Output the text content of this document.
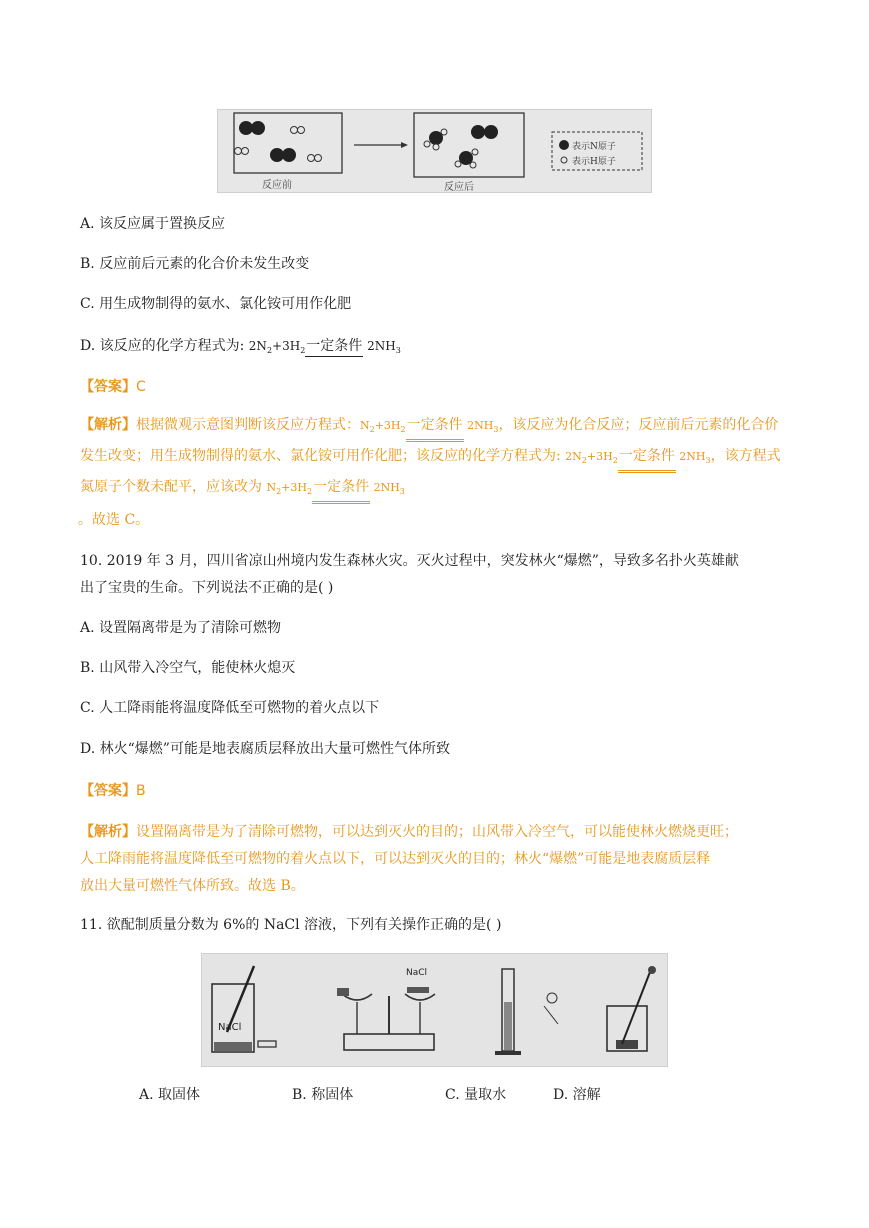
反应前	反应后
表示N原子
表示H原子
A. 该反应属于置换反应
B. 反应前后元素的化合价未发生改变
C. 用生成物制得的氨水、氯化铵可用作化肥
D. 该反应的化学方程式为: $2N_2+3H_2$一定条件 $2NH_3$
【答案】C
【解析】根据微观示意图判断该反应方程式：$N_2+3H_2$一定条件 $2NH_3$，该反应为化合反应；反应前后元素的化合价发生改变；用生成物制得的氨水、氯化铵可用作化肥；该反应的化学方程式为: $2N_2+3H_2$一定条件 $2NH_3$，该方程式氮原子个数未配平，应该改为 $N_2+3H_2$一定条件 $2NH_3$
。故选 C。
10. 2019 年 3 月，四川省凉山州境内发生森林火灾。灭火过程中，突发林火“爆燃”，导致多名扑火英雄献
出了宝贵的生命。下列说法不正确的是( )
A. 设置隔离带是为了清除可燃物
B. 山风带入冷空气，能使林火熄灭
C. 人工降雨能将温度降低至可燃物的着火点以下
D. 林火“爆燃”可能是地表腐质层释放出大量可燃性气体所致
【答案】B
【解析】设置隔离带是为了清除可燃物，可以达到灭火的目的；山风带入冷空气，可以能使林火燃烧更旺；
人工降雨能将温度降低至可燃物的着火点以下，可以达到灭火的目的；林火“爆燃”可能是地表腐质层释
放出大量可燃性气体所致。故选 B。
11. 欲配制质量分数为 6%的 NaCl 溶液，下列有关操作正确的是( )
NaCl
NaCl
A. 取固体	B. 称固体	C. 量取水	D. 溶解
